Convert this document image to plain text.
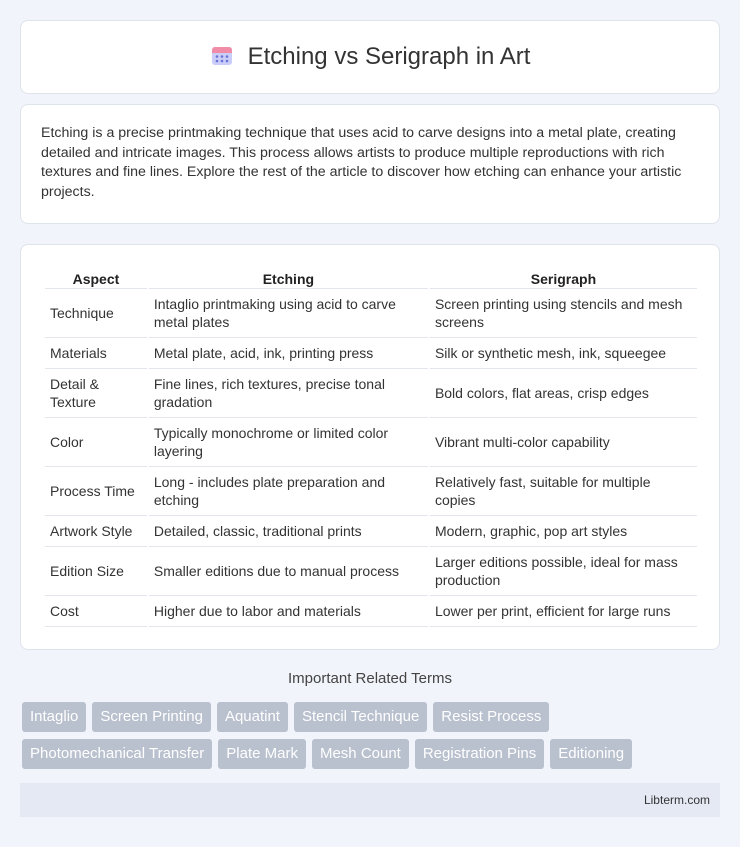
Etching vs Serigraph in Art

Etching is a precise printmaking technique that uses acid to carve designs into a metal plate, creating detailed and intricate images. This process allows artists to produce multiple reproductions with rich textures and fine lines. Explore the rest of the article to discover how etching can enhance your artistic projects.

Aspect	Etching	Serigraph
Technique	Intaglio printmaking using acid to carve metal plates	Screen printing using stencils and mesh screens
Materials	Metal plate, acid, ink, printing press	Silk or synthetic mesh, ink, squeegee
Detail & Texture	Fine lines, rich textures, precise tonal gradation	Bold colors, flat areas, crisp edges
Color	Typically monochrome or limited color layering	Vibrant multi-color capability
Process Time	Long - includes plate preparation and etching	Relatively fast, suitable for multiple copies
Artwork Style	Detailed, classic, traditional prints	Modern, graphic, pop art styles
Edition Size	Smaller editions due to manual process	Larger editions possible, ideal for mass production
Cost	Higher due to labor and materials	Lower per print, efficient for large runs
Important Related Terms
Intaglio	Screen Printing	Aquatint	Stencil Technique	Resist Process
Photomechanical Transfer	Plate Mark	Mesh Count	Registration Pins	Editioning
Libterm.com
